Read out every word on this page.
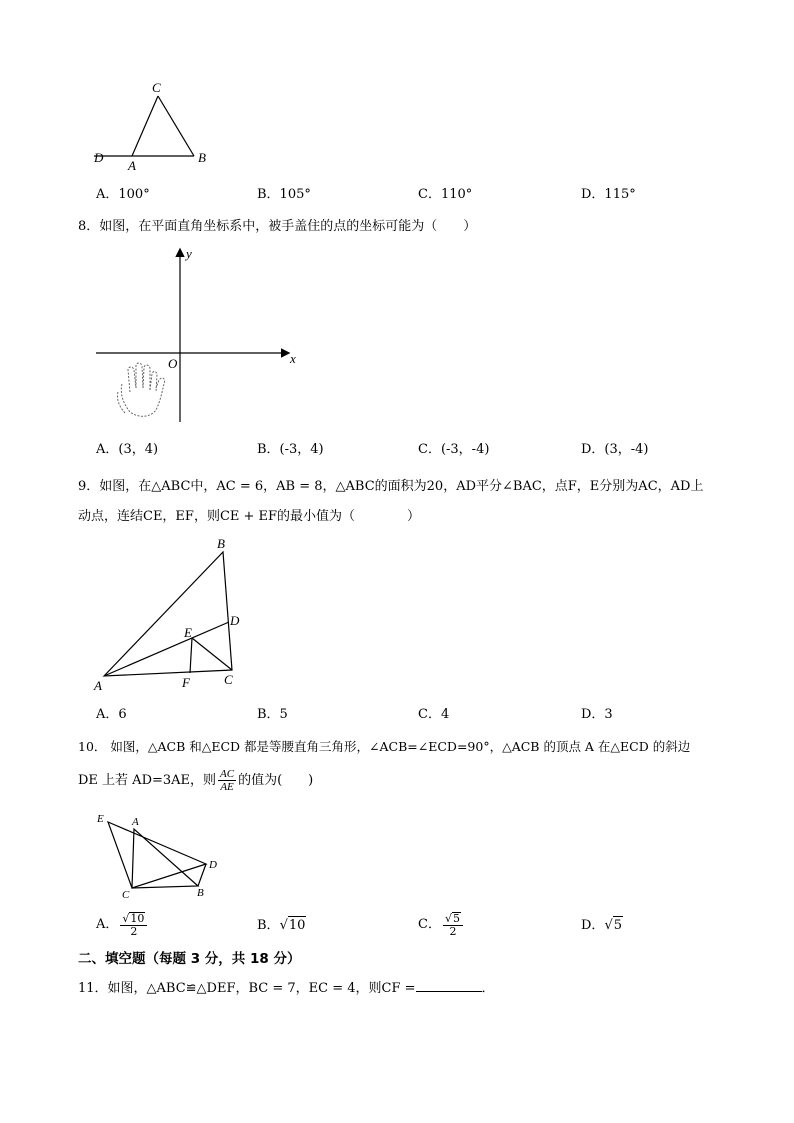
C
D
A
B
A．100°	B．105°	C．110°	D．115°
8．如图，在平面直角坐标系中，被手盖住的点的坐标可能为（　　）
x
y
O
A．(3，4)	B．(-3，4)	C．(-3，-4)	D．(3，-4)
9．如图，在△ABC中，AC = 6，AB = 8，△ABC的面积为20，AD平分∠BAC，点F，E分别为AC，AD上
动点，连结CE，EF，则CE + EF的最小值为（　　　　）
B
D
E
A	F	C
A．6	B．5	C．4	D．3
10． 如图，△ACB 和△ECD 都是等腰直角三角形，∠ACB=∠ECD=90°，△ACB 的顶点 A 在△ECD 的斜边
DE 上若 AD=3AE，则 $\frac{AC}{AE}$ 的值为(　　)
E	A
D
C	B
A． $\frac{√10}{2}$	B．√10	C． $\frac{√5}{2}$	D．√5
二、填空题（每题 3 分，共 18 分）
11．如图，△ABC≌△DEF，BC = 7，EC = 4，则CF =	．
